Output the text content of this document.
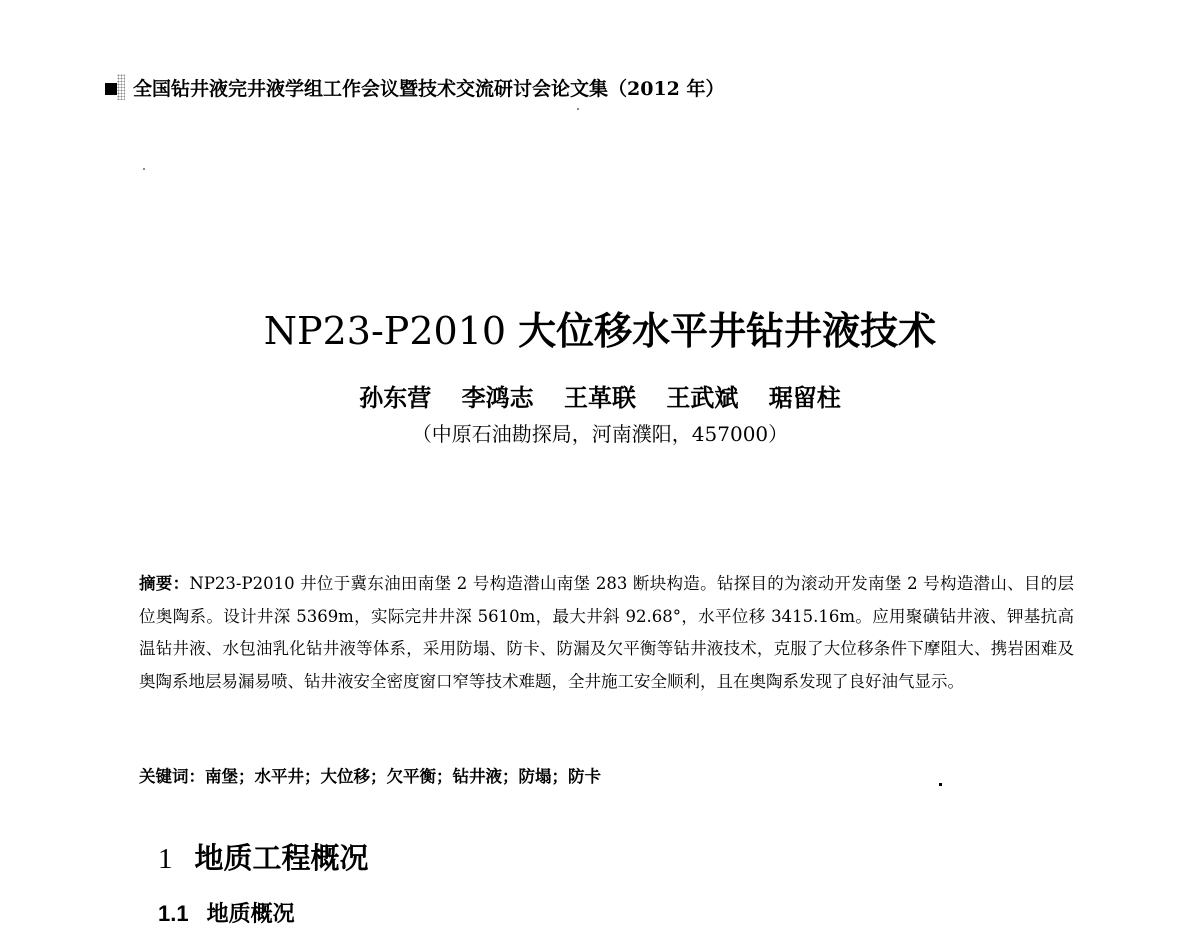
全国钻井液完井液学组工作会议暨技术交流研讨会论文集（2012 年）
NP23-P2010 大位移水平井钻井液技术
孙东营 李鸿志 王革联 王武斌 琚留柱
（中原石油勘探局，河南濮阳，457000）
摘要：NP23-P2010 井位于冀东油田南堡 2 号构造潜山南堡 283 断块构造。钻探目的为滚动开发南堡 2 号构造潜山、目的层位奥陶系。设计井深 5369m，实际完井井深 5610m，最大井斜 92.68°，水平位移 3415.16m。应用聚磺钻井液、钾基抗高温钻井液、水包油乳化钻井液等体系，采用防塌、防卡、防漏及欠平衡等钻井液技术，克服了大位移条件下摩阻大、携岩困难及奥陶系地层易漏易喷、钻井液安全密度窗口窄等技术难题，全井施工安全顺利，且在奥陶系发现了良好油气显示。
关键词：南堡；水平井；大位移；欠平衡；钻井液；防塌；防卡
1 地质工程概况
1.1 地质概况
